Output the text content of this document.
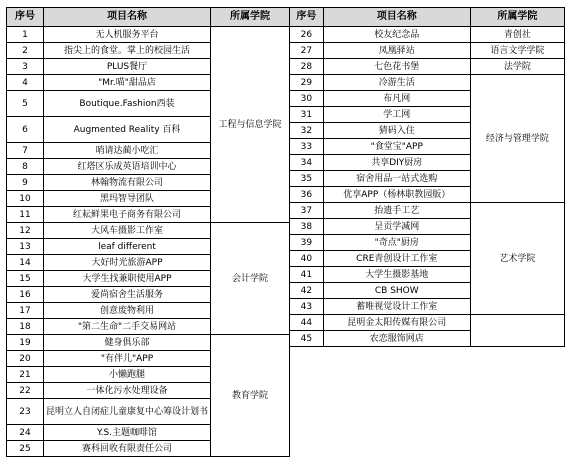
序号	项目名称	所属学院
1	无人机服务平台	工程与信息学院
2	指尖上的食堂。掌上的校园生活	
3	PLUS餐厅	
4	"Mr.喵"甜品店	
5	Boutique.Fashion西装	
6	Augmented Reality 百科	
7	哨请达蔺小吃汇	
8	红塔区乐成英语培训中心	
9	林翰物流有限公司	
10	黑玛智导团队	
11	红耘鲜果电子商务有限公司	
12	大风车摄影工作室	会计学院
13	leaf different	
14	大好时光旅游APP	
15	大学生找兼职使用APP	
16	爱尚宿舍生活服务	
17	创意废物利用	
18	"第二生命"二手交易网站	
19	健身俱乐部	教育学院
20	"有伴儿"APP	
21	小懒跑腿	
22	一体化污水处理设备	
23	昆明立人自闭症儿童康复中心筹设计划书	
24	Y.S.主题咖啡馆	
25	赛科回收有限责任公司	
序号	项目名称	所属学院
26	校友纪念品	青创社
27	凤凰驿站	语言文学学院
28	七色花书堡	法学院
29	冷游生活	经济与管理学院
30	布凡网	
31	学工网	
32	猜码入住	
33	"食堂宝"APP	
34	共享DIY厨房	
35	宿舍用品一站式选购	
36	优享APP（杨林职教园版）	
37	抬遗手工艺	艺术学院
38	呈贡学减网	
39	"奇点"厨房	
40	CRE青创设计工作室	
41	大学生摄影基地	
42	CB SHOW	
43	蓄唯视觉设计工作室	
44	昆明金太阳传媒有限公司	
45	农恋服饰网店	
